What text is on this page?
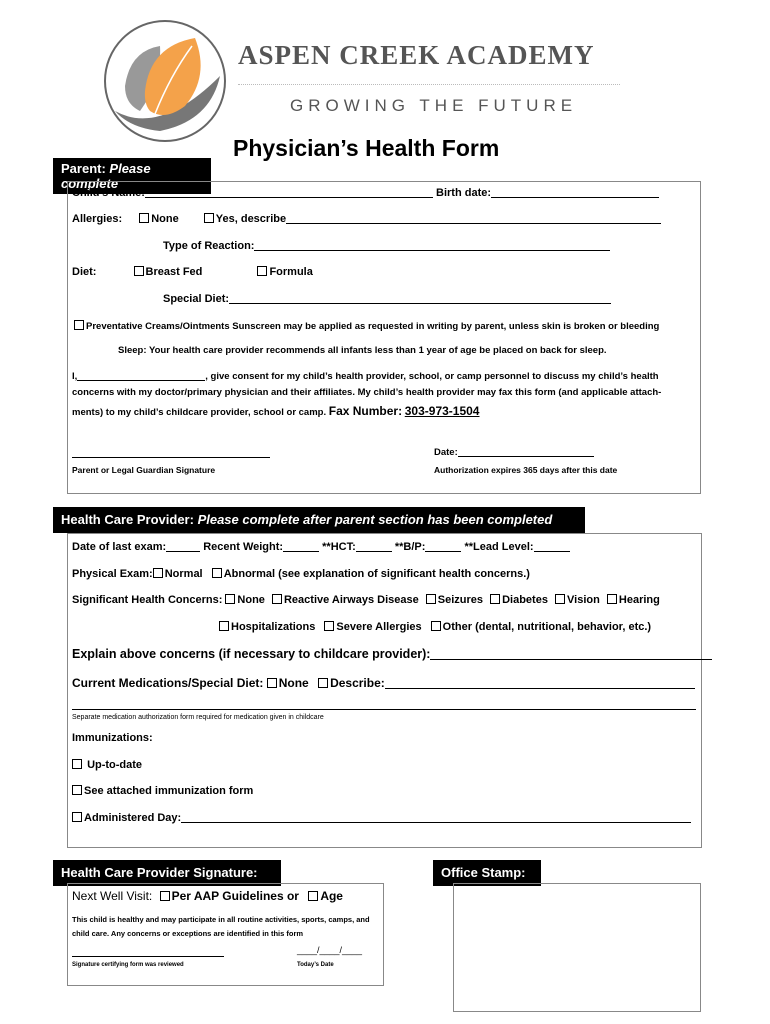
ASPEN CREEK ACADEMY
GROWING THE FUTURE
Physician’s Health Form
Parent: Please complete
Child’s Name:	Birth date:
Allergies:	None	Yes, describe
Type of Reaction:
Diet:	Breast Fed	Formula
Special Diet:
Preventative Creams/Ointments Sunscreen may be applied as requested in writing by parent, unless skin is broken or bleeding
Sleep: Your health care provider recommends all infants less than 1 year of age be placed on back for sleep.
I,	, give consent for my child’s health provider, school, or camp personnel to discuss my child’s health
concerns with my doctor/primary physician and their affiliates. My child’s health provider may fax this form (and applicable attach-
ments) to my child’s childcare provider, school or camp. Fax Number: 303-973-1504
Date:
Parent or Legal Guardian Signature	Authorization expires 365 days after this date
Health Care Provider: Please complete after parent section has been completed
Date of last exam:	Recent Weight:	**HCT:	**B/P:	**Lead Level:
Physical Exam: Normal Abnormal (see explanation of significant health concerns.)
Significant Health Concerns: None Reactive Airways Disease Seizures Diabetes Vision Hearing
Hospitalizations Severe Allergies Other (dental, nutritional, behavior, etc.)
Explain above concerns (if necessary to childcare provider):
Current Medications/Special Diet: None Describe:
Separate medication authorization form required for medication given in childcare
Immunizations:
Up-to-date
See attached immunization form
Administered Day:
Health Care Provider Signature:
Next Well Visit: Per AAP Guidelines or Age
This child is healthy and may participate in all routine activities, sports, camps, and
child care. Any concerns or exceptions are identified in this form
____/____/____
Signature certifying form was reviewed	Today’s Date
Office Stamp:
